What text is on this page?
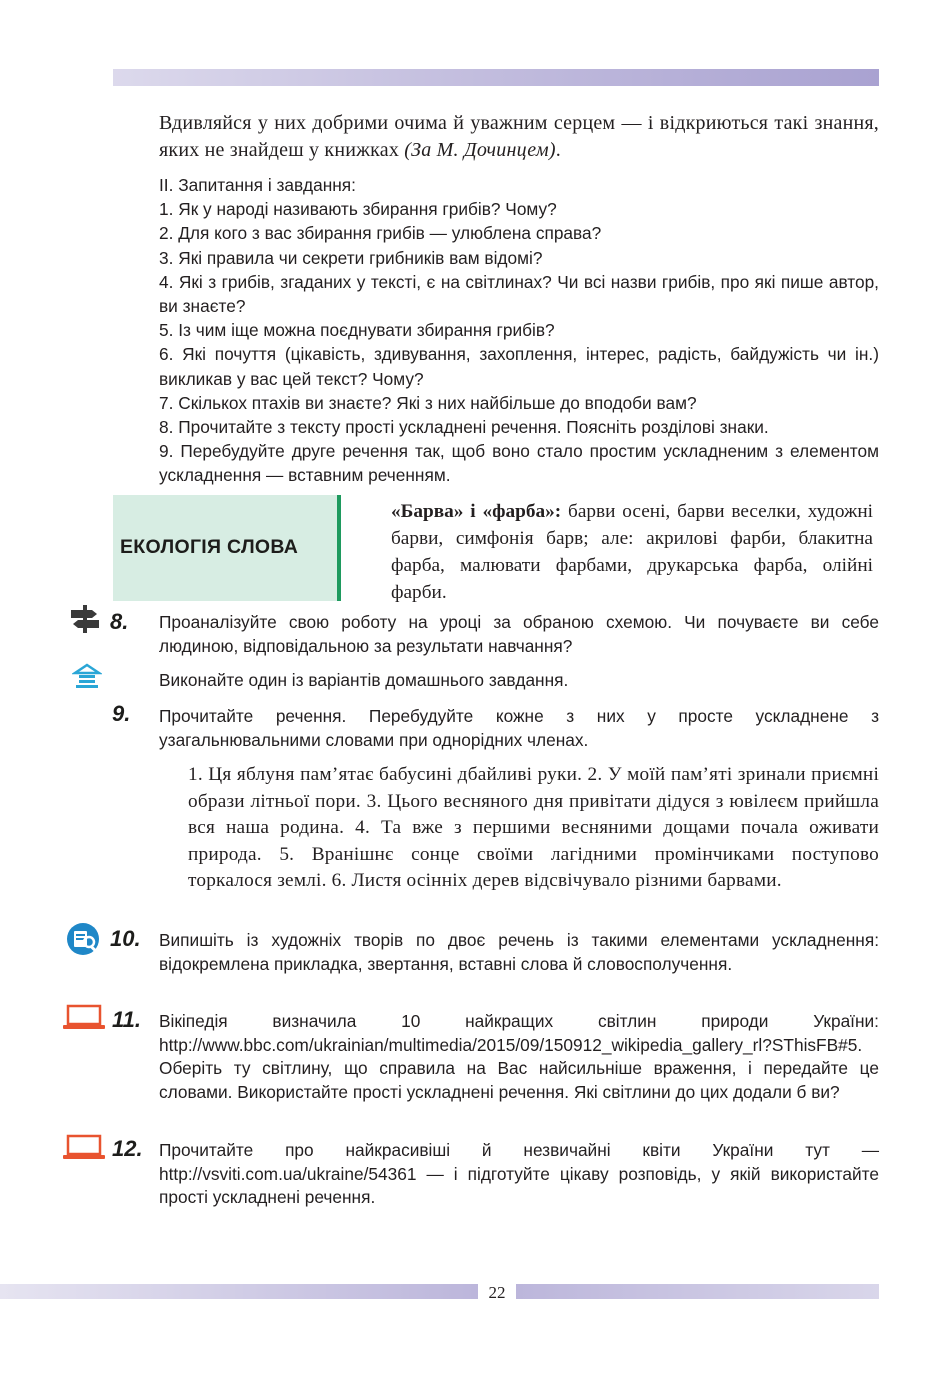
Вдивляйся у них добрими очима й уважним серцем — і відкриються такі знання, яких не знайдеш у книжках (За М. Дочинцем).
ІІ. Запитання і завдання:
1. Як у народі називають збирання грибів? Чому?
2. Для кого з вас збирання грибів — улюблена справа?
3. Які правила чи секрети грибників вам відомі?
4. Які з грибів, згаданих у тексті, є на світлинах? Чи всі назви грибів, про які пише автор, ви знаєте?
5. Із чим іще можна поєднувати збирання грибів?
6. Які почуття (цікавість, здивування, захоплення, інтерес, радість, байдужість чи ін.) викликав у вас цей текст? Чому?
7. Скількох птахів ви знаєте? Які з них найбільше до вподоби вам?
8. Прочитайте з тексту прості ускладнені речення. Поясніть розділові знаки.
9. Перебудуйте друге речення так, щоб воно стало простим ускладненим з елементом ускладнення — вставним реченням.
ЕКОЛОГІЯ СЛОВА
«Барва» і «фарба»: барви осені, барви веселки, художні барви, симфонія барв; але: акрилові фарби, блакитна фарба, малювати фарбами, друкарська фарба, олійні фарби.
8. Проаналізуйте свою роботу на уроці за обраною схемою. Чи почуваєте ви себе людиною, відповідальною за результати навчання?
Виконайте один із варіантів домашнього завдання.
9. Прочитайте речення. Перебудуйте кожне з них у просте ускладнене з узагальнювальними словами при однорідних членах.
1. Ця яблуня пам’ятає бабусині дбайливі руки. 2. У моїй пам’яті зринали приємні образи літньої пори. 3. Цього весняного дня привітати дідуся з ювілеєм прийшла вся наша родина. 4. Та вже з першими весняними дощами почала оживати природа. 5. Вранішнє сонце своїми лагідними промінчиками поступово торкалося землі. 6. Листя осінніх дерев відсвічувало різними барвами.
10. Випишіть із художніх творів по двоє речень із такими елементами ускладнення: відокремлена прикладка, звертання, вставні слова й словосполучення.
11. Вікіпедія визначила 10 найкращих світлин природи України: http://www.bbc.com/ukrainian/multimedia/2015/09/150912_wikipedia_gallery_rl?SThisFB#5. Оберіть ту світлину, що справила на Вас найсильніше враження, і передайте це словами. Використайте прості ускладнені речення. Які світлини до цих додали б ви?
12. Прочитайте про найкрасивіші й незвичайні квіти України тут — http://vsviti.com.ua/ukraine/54361 — і підготуйте цікаву розповідь, у якій використайте прості ускладнені речення.
22
